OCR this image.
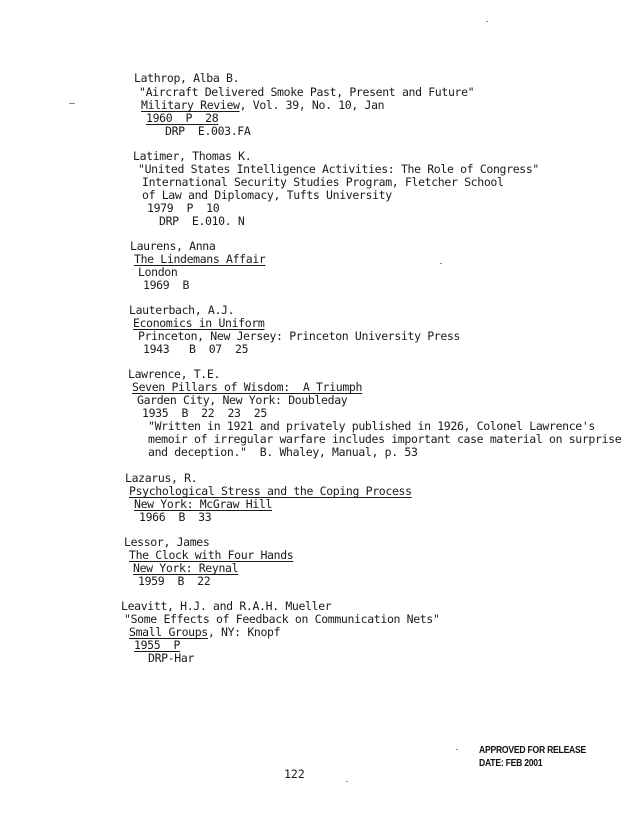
Lathrop, Alba B.
"Aircraft Delivered Smoke Past, Present and Future"
Military Review, Vol. 39, No. 10, Jan
1960  P  28
DRP  E.003.FA
Latimer, Thomas K.
"United States Intelligence Activities: The Role of Congress"
International Security Studies Program, Fletcher School
of Law and Diplomacy, Tufts University
1979  P  10
DRP  E.010. N
Laurens, Anna
The Lindemans Affair
London
1969  B
Lauterbach, A.J.
Economics in Uniform
Princeton, New Jersey: Princeton University Press
1943   B  07  25
Lawrence, T.E.
Seven Pillars of Wisdom:  A Triumph
Garden City, New York: Doubleday
1935  B  22  23  25
"Written in 1921 and privately published in 1926, Colonel Lawrence's
memoir of irregular warfare includes important case material on surprise
and deception."  B. Whaley, Manual, p. 53
Lazarus, R.
Psychological Stress and the Coping Process
New York: McGraw Hill
1966  B  33
Lessor, James
The Clock with Four Hands
New York: Reynal
1959  B  22
Leavitt, H.J. and R.A.H. Mueller
"Some Effects of Feedback on Communication Nets"
Small Groups, NY: Knopf
1955  P
DRP-Har
APPROVED FOR RELEASE
DATE: FEB 2001
122
